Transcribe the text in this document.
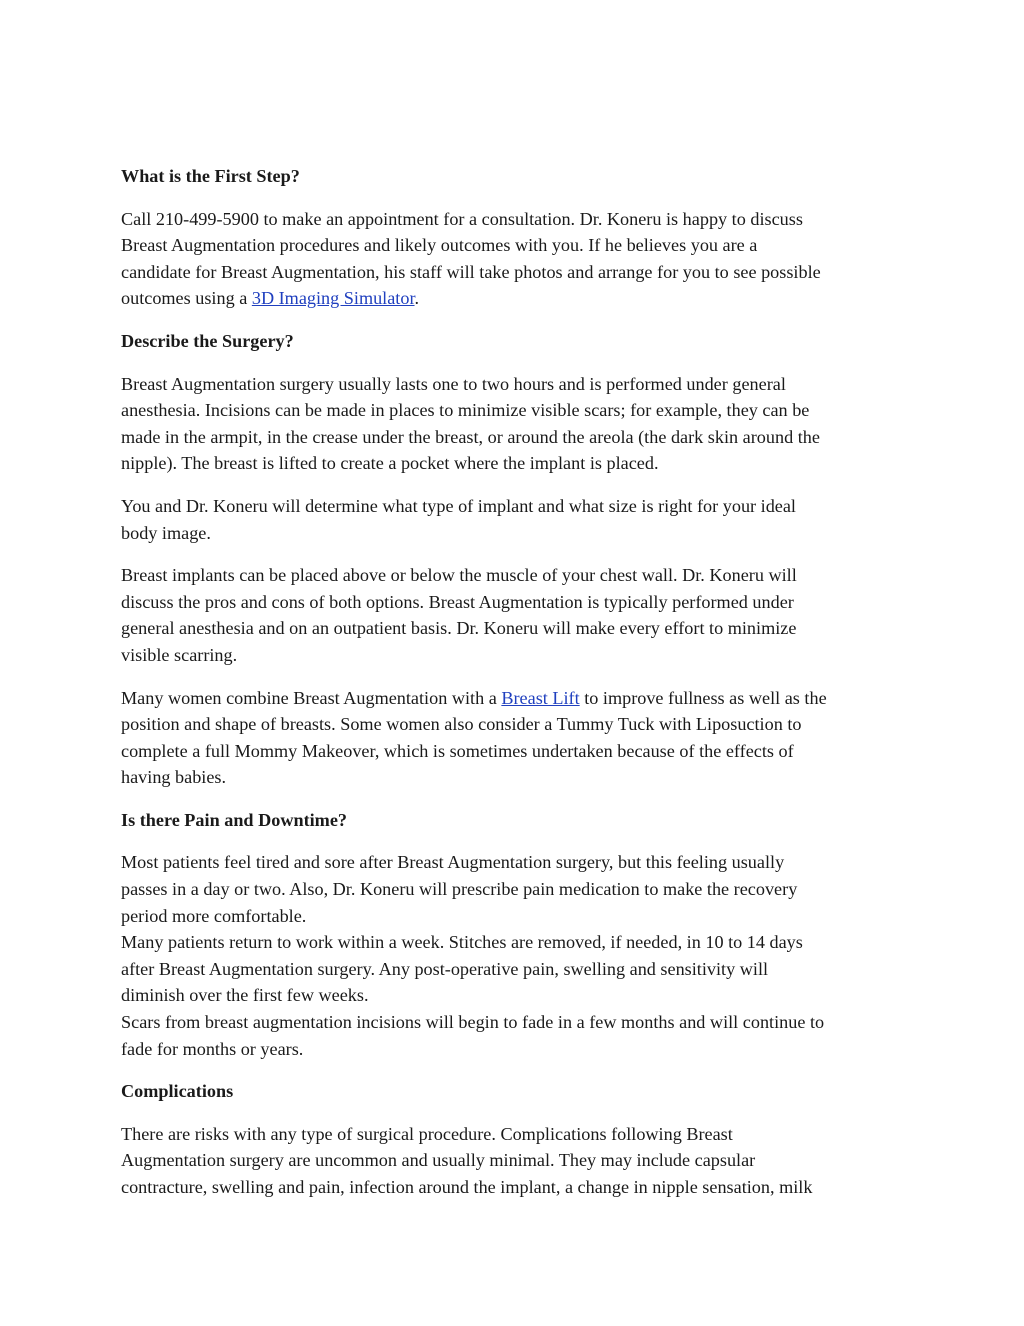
What is the First Step?

Call 210-499-5900 to make an appointment for a consultation. Dr. Koneru is happy to discuss
Breast Augmentation procedures and likely outcomes with you. If he believes you are a
candidate for Breast Augmentation, his staff will take photos and arrange for you to see possible
outcomes using a 3D Imaging Simulator.

Describe the Surgery?

Breast Augmentation surgery usually lasts one to two hours and is performed under general
anesthesia. Incisions can be made in places to minimize visible scars; for example, they can be
made in the armpit, in the crease under the breast, or around the areola (the dark skin around the
nipple). The breast is lifted to create a pocket where the implant is placed.

You and Dr. Koneru will determine what type of implant and what size is right for your ideal
body image.

Breast implants can be placed above or below the muscle of your chest wall. Dr. Koneru will
discuss the pros and cons of both options. Breast Augmentation is typically performed under
general anesthesia and on an outpatient basis. Dr. Koneru will make every effort to minimize
visible scarring.

Many women combine Breast Augmentation with a Breast Lift to improve fullness as well as the
position and shape of breasts. Some women also consider a Tummy Tuck with Liposuction to
complete a full Mommy Makeover, which is sometimes undertaken because of the effects of
having babies.

Is there Pain and Downtime?

Most patients feel tired and sore after Breast Augmentation surgery, but this feeling usually
passes in a day or two. Also, Dr. Koneru will prescribe pain medication to make the recovery
period more comfortable.
Many patients return to work within a week. Stitches are removed, if needed, in 10 to 14 days
after Breast Augmentation surgery. Any post-operative pain, swelling and sensitivity will
diminish over the first few weeks.
Scars from breast augmentation incisions will begin to fade in a few months and will continue to
fade for months or years.

Complications

There are risks with any type of surgical procedure. Complications following Breast
Augmentation surgery are uncommon and usually minimal. They may include capsular
contracture, swelling and pain, infection around the implant, a change in nipple sensation, milk
